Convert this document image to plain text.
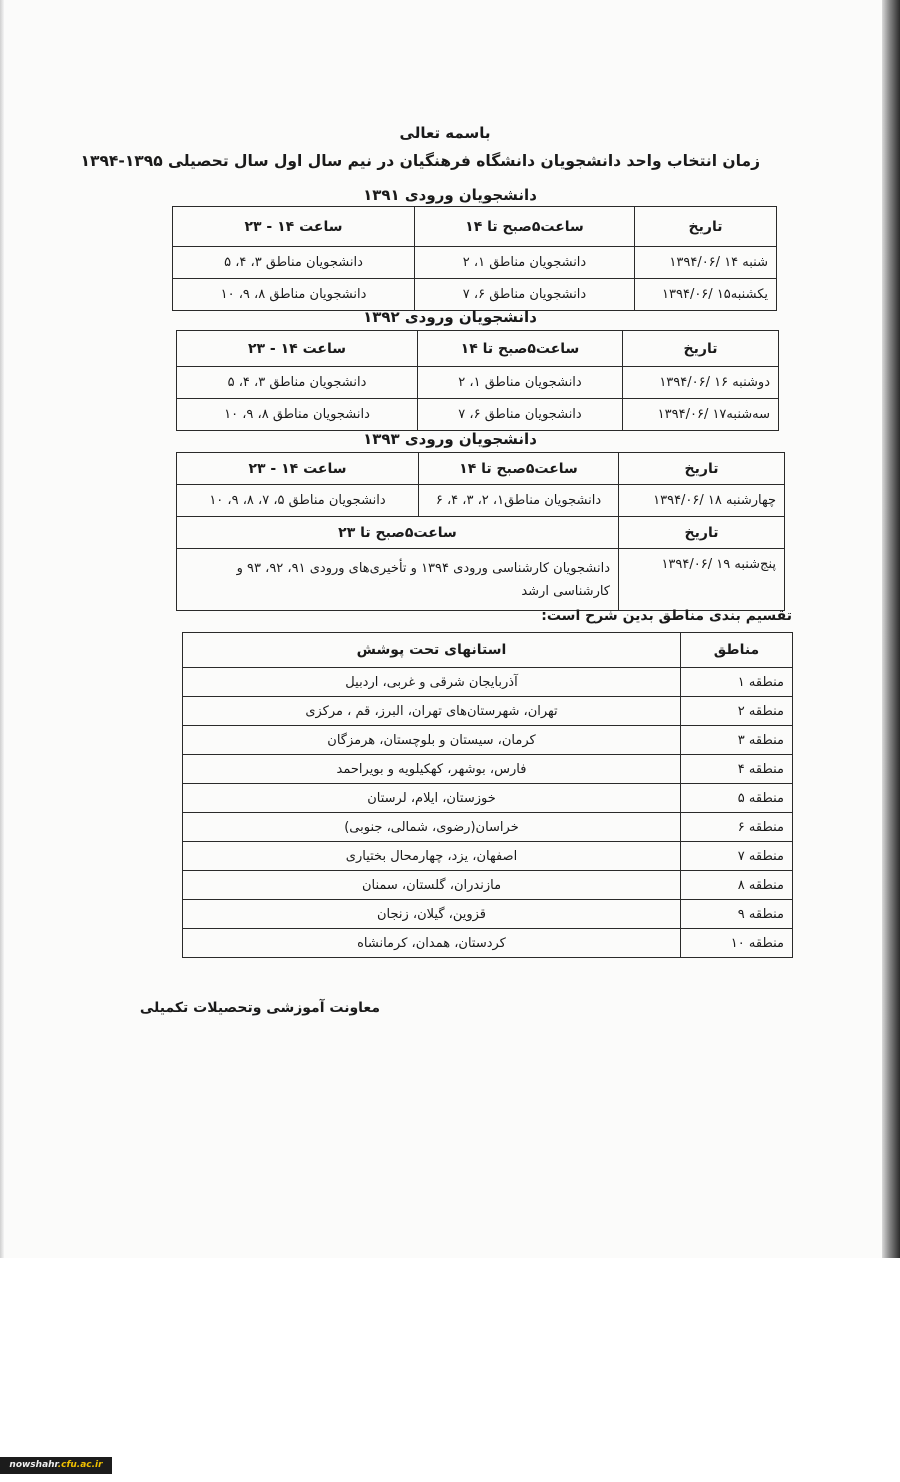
باسمه تعالی
زمان انتخاب واحد دانشجویان دانشگاه فرهنگیان در نیم سال اول سال تحصیلی ۱۳۹۵-۱۳۹۴
دانشجویان ورودی ۱۳۹۱
تاریخ	ساعت۵صبح تا ۱۴	ساعت ۱۴ - ۲۳
شنبه ۱۴ /۱۳۹۴/۰۶	دانشجویان مناطق ۱، ۲	دانشجویان مناطق ۳، ۴، ۵
یکشنبه۱۵ /۱۳۹۴/۰۶	دانشجویان مناطق ۶، ۷	دانشجویان مناطق ۸، ۹، ۱۰
دانشجویان ورودی ۱۳۹۲
تاریخ	ساعت۵صبح تا ۱۴	ساعت ۱۴ - ۲۳
دوشنبه ۱۶ /۱۳۹۴/۰۶	دانشجویان مناطق ۱، ۲	دانشجویان مناطق ۳، ۴، ۵
سه‌شنبه۱۷ /۱۳۹۴/۰۶	دانشجویان مناطق ۶، ۷	دانشجویان مناطق ۸، ۹، ۱۰
دانشجویان ورودی ۱۳۹۳
تاریخ	ساعت۵صبح تا ۱۴	ساعت ۱۴ - ۲۳
چهارشنبه ۱۸ /۱۳۹۴/۰۶	دانشجویان مناطق۱، ۲، ۳، ۴، ۶	دانشجویان مناطق ۵، ۷، ۸، ۹، ۱۰
تاریخ	ساعت۵صبح تا ۲۳	
پنج‌شنبه ۱۹ /۱۳۹۴/۰۶	دانشجویان کارشناسی ورودی ۱۳۹۴ و تأخیری‌های ورودی ۹۱، ۹۲، ۹۳ و کارشناسی ارشد	
تقسیم بندی مناطق بدین شرح است:
مناطق	استانهای تحت پوشش
منطقه ۱	آذربایجان شرقی و غربی، اردبیل
منطقه ۲	تهران، شهرستان‌های تهران، البرز، قم ، مرکزی
منطقه ۳	کرمان، سیستان و بلوچستان، هرمزگان
منطقه ۴	فارس، بوشهر، کهکیلویه و بویراحمد
منطقه ۵	خوزستان، ایلام، لرستان
منطقه ۶	خراسان(رضوی، شمالی، جنوبی)
منطقه ۷	اصفهان، یزد، چهارمحال بختیاری
منطقه ۸	مازندران، گلستان، سمنان
منطقه ۹	قزوین، گیلان، زنجان
منطقه ۱۰	کردستان، همدان، کرمانشاه
معاونت آموزشی وتحصیلات تکمیلی
nowshahr.cfu.ac.ir
